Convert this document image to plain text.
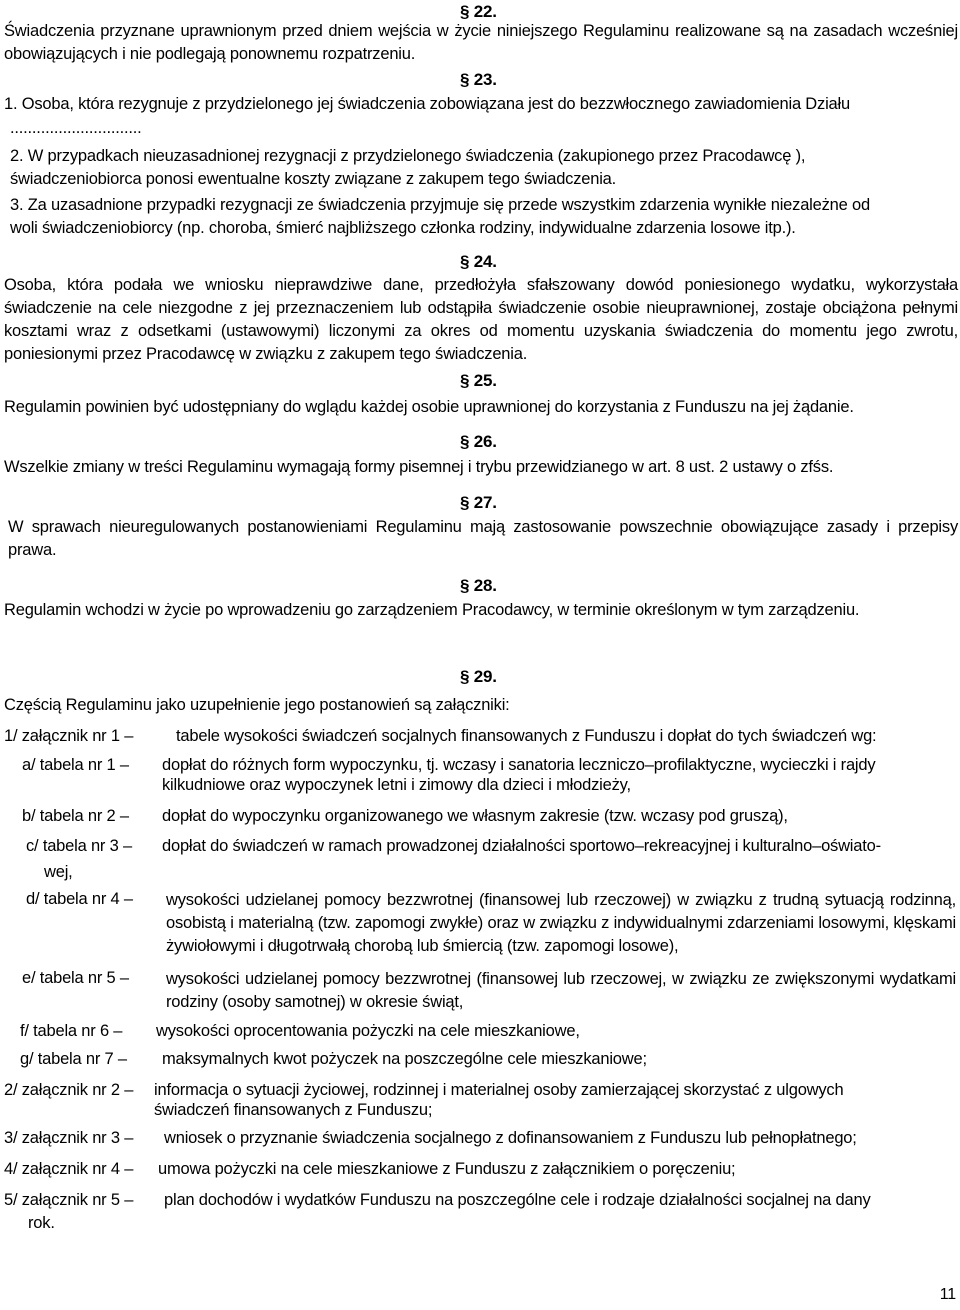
§ 22.
Świadczenia przyznane uprawnionym przed dniem wejścia w życie niniejszego Regulaminu realizowane są na zasadach wcześniej obowiązujących i nie podlegają ponownemu rozpatrzeniu.
§ 23.
1. Osoba, która rezygnuje z przydzielonego jej świadczenia zobowiązana jest do bezzwłocznego zawiadomienia Działu
..............................
2. W przypadkach nieuzasadnionej rezygnacji z przydzielonego świadczenia (zakupionego przez Pracodawcę ),
świadczeniobiorca ponosi ewentualne koszty związane z zakupem tego świadczenia.
3. Za uzasadnione przypadki rezygnacji ze świadczenia przyjmuje się przede wszystkim zdarzenia wynikłe niezależne od
woli świadczeniobiorcy (np. choroba, śmierć najbliższego członka rodziny, indywidualne zdarzenia losowe itp.).
§ 24.
Osoba, która podała we wniosku nieprawdziwe dane, przedłożyła sfałszowany dowód poniesionego wydatku, wykorzystała świadczenie na cele niezgodne z jej przeznaczeniem lub odstąpiła świadczenie osobie nieuprawnionej, zostaje obciążona pełnymi kosztami wraz z odsetkami (ustawowymi) liczonymi za okres od momentu uzyskania świadczenia do momentu jego zwrotu, poniesionymi przez Pracodawcę w związku z zakupem tego świadczenia.
§ 25.
Regulamin powinien być udostępniany do wglądu każdej osobie uprawnionej do korzystania z Funduszu na jej żądanie.
§ 26.
Wszelkie zmiany w treści Regulaminu wymagają formy pisemnej i trybu przewidzianego w art. 8 ust. 2 ustawy o zfśs.
§ 27.
W sprawach nieuregulowanych postanowieniami Regulaminu mają zastosowanie powszechnie obowiązujące zasady i przepisy prawa.
§ 28.
Regulamin wchodzi w życie po wprowadzeniu go zarządzeniem Pracodawcy, w terminie określonym w tym zarządzeniu.
§ 29.
Częścią Regulaminu jako uzupełnienie jego postanowień są załączniki:
1/ załącznik nr 1 –	tabele wysokości świadczeń socjalnych finansowanych z Funduszu i dopłat do tych świadczeń wg:
a/ tabela nr 1 – dopłat do różnych form wypoczynku, tj. wczasy i sanatoria leczniczo–profilaktyczne, wycieczki i rajdy kilkudniowe oraz wypoczynek letni i zimowy dla dzieci i młodzieży,
b/ tabela nr 2 – dopłat do wypoczynku organizowanego we własnym zakresie (tzw. wczasy pod gruszą),
c/ tabela nr 3 – dopłat do świadczeń w ramach prowadzonej działalności sportowo–rekreacyjnej i kulturalno–oświato-
wej,
d/ tabela nr 4 – wysokości udzielanej pomocy bezzwrotnej (finansowej lub rzeczowej) w związku z trudną sytuacją rodzinną, osobistą i materialną (tzw. zapomogi zwykłe) oraz w związku z indywidualnymi zdarzeniami losowymi, klęskami żywiołowymi i długotrwałą chorobą lub śmiercią (tzw. zapomogi losowe),
e/ tabela nr 5 – wysokości udzielanej pomocy bezzwrotnej (finansowej lub rzeczowej, w związku ze zwiększonymi wydatkami rodziny (osoby samotnej) w okresie świąt,
f/ tabela nr 6 – wysokości oprocentowania pożyczki na cele mieszkaniowe,
g/ tabela nr 7 – maksymalnych kwot pożyczek na poszczególne cele mieszkaniowe;
2/ załącznik nr 2 – informacja o sytuacji życiowej, rodzinnej i materialnej osoby zamierzającej skorzystać z ulgowych świadczeń finansowanych z Funduszu;
3/ załącznik nr 3 – wniosek o przyznanie świadczenia socjalnego z dofinansowaniem z Funduszu lub pełnopłatnego;
4/ załącznik nr 4 – umowa pożyczki na cele mieszkaniowe z Funduszu z załącznikiem o poręczeniu;
5/ załącznik nr 5 – plan dochodów i wydatków Funduszu na poszczególne cele i rodzaje działalności socjalnej na dany
rok.
11
